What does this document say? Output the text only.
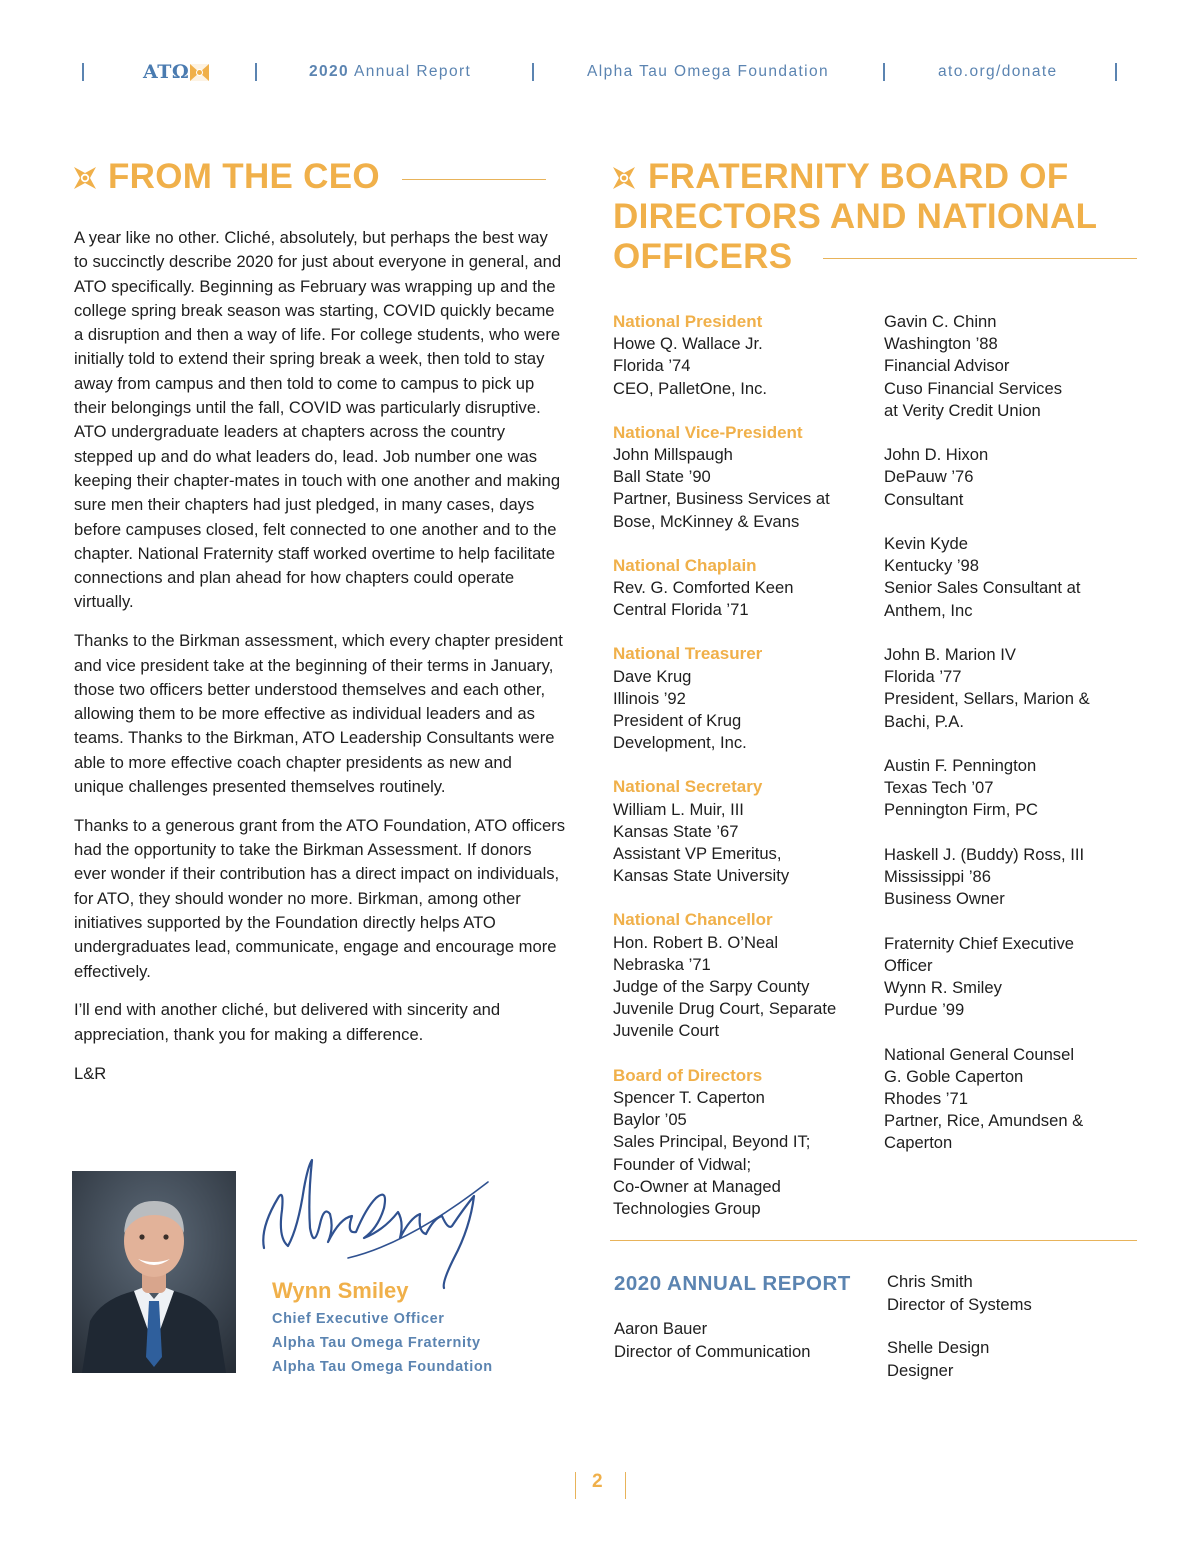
ATΩ	2020 Annual Report	Alpha Tau Omega Foundation	ato.org/donate
FROM THE CEO

A year like no other. Cliché, absolutely, but perhaps the best way to succinctly describe 2020 for just about everyone in general, and ATO specifically. Beginning as February was wrapping up and the college spring break season was starting, COVID quickly became a disruption and then a way of life. For college students, who were initially told to extend their spring break a week, then told to stay away from campus and then told to come to campus to pick up their belongings until the fall, COVID was particularly disruptive. ATO undergraduate leaders at chapters across the country stepped up and do what leaders do, lead. Job number one was keeping their chapter-mates in touch with one another and making sure men their chapters had just pledged, in many cases, days before campuses closed, felt connected to one another and to the chapter. National Fraternity staff worked overtime to help facilitate connections and plan ahead for how chapters could operate virtually.

Thanks to the Birkman assessment, which every chapter president and vice president take at the beginning of their terms in January, those two officers better understood themselves and each other, allowing them to be more effective as individual leaders and as teams. Thanks to the Birkman, ATO Leadership Consultants were able to more effective coach chapter presidents as new and unique challenges presented themselves routinely.

Thanks to a generous grant from the ATO Foundation, ATO officers had the opportunity to take the Birkman Assessment. If donors ever wonder if their contribution has a direct impact on individuals, for ATO, they should wonder no more. Birkman, among other initiatives supported by the Foundation directly helps ATO undergraduates lead, communicate, engage and encourage more effectively.

I’ll end with another cliché, but delivered with sincerity and appreciation, thank you for making a difference.

L&R

Wynn Smiley
Chief Executive Officer
Alpha Tau Omega Fraternity
Alpha Tau Omega Foundation
FRATERNITY BOARD OF
DIRECTORS AND NATIONAL
OFFICERS
National President
Howe Q. Wallace Jr.
Florida ’74
CEO, PalletOne, Inc.
National Vice-President
John Millspaugh
Ball State ’90
Partner, Business Services at
Bose, McKinney & Evans
National Chaplain
Rev. G. Comforted Keen
Central Florida ’71
National Treasurer
Dave Krug
Illinois ’92
President of Krug
Development, Inc.
National Secretary
William L. Muir, III
Kansas State ’67
Assistant VP Emeritus,
Kansas State University
National Chancellor
Hon. Robert B. O’Neal
Nebraska ’71
Judge of the Sarpy County
Juvenile Drug Court, Separate
Juvenile Court
Board of Directors
Spencer T. Caperton
Baylor ’05
Sales Principal, Beyond IT;
Founder of Vidwal;
Co-Owner at Managed
Technologies Group
Gavin C. Chinn
Washington ’88
Financial Advisor
Cuso Financial Services
at Verity Credit Union
John D. Hixon
DePauw ’76
Consultant
Kevin Kyde
Kentucky ’98
Senior Sales Consultant at
Anthem, Inc
John B. Marion IV
Florida ’77
President, Sellars, Marion &
Bachi, P.A.
Austin F. Pennington
Texas Tech ’07
Pennington Firm, PC
Haskell J. (Buddy) Ross, III
Mississippi ’86
Business Owner
Fraternity Chief Executive
Officer
Wynn R. Smiley
Purdue ’99
National General Counsel
G. Goble Caperton
Rhodes ’71
Partner, Rice, Amundsen &
Caperton
2020 ANNUAL REPORT
Aaron Bauer
Director of Communication
Chris Smith
Director of Systems
Shelle Design
Designer
2
